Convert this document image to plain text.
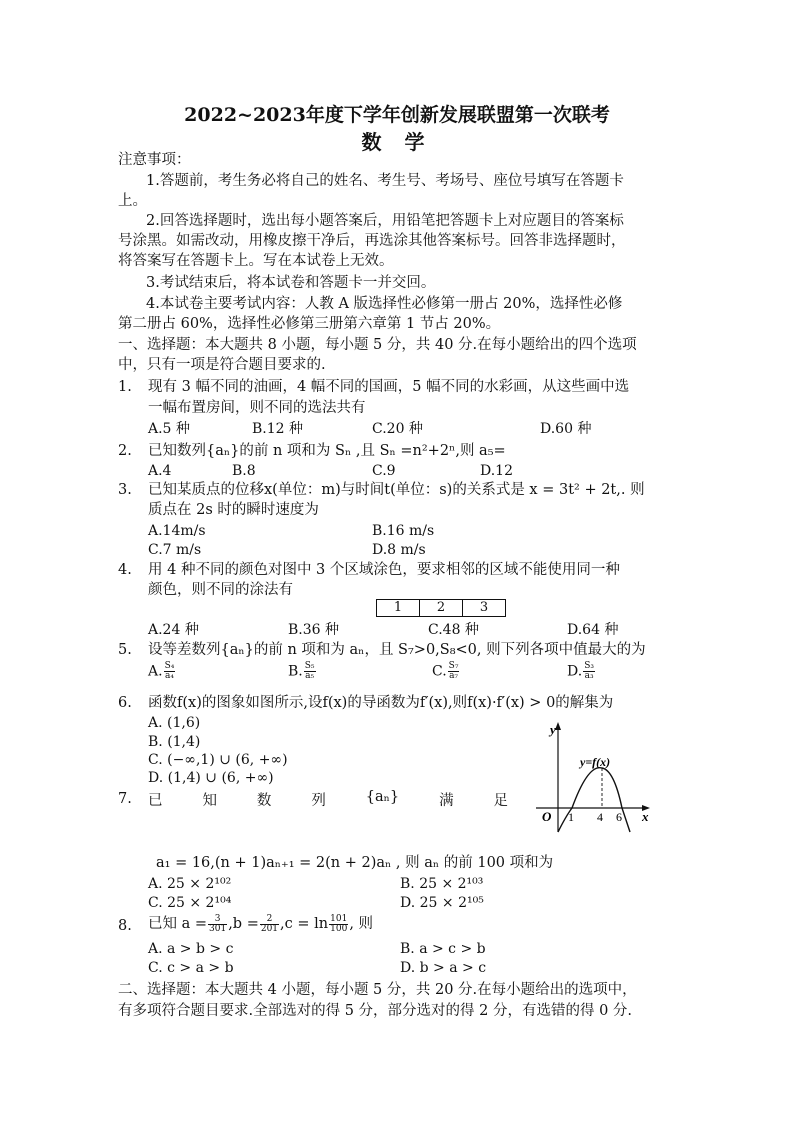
2022~2023年度下学年创新发展联盟第一次联考
数 学
注意事项：
1.答题前，考生务必将自己的姓名、考生号、考场号、座位号填写在答题卡
上。
2.回答选择题时，选出每小题答案后，用铅笔把答题卡上对应题目的答案标
号涂黑。如需改动，用橡皮擦干净后，再选涂其他答案标号。回答非选择题时，
将答案写在答题卡上。写在本试卷上无效。
3.考试结束后，将本试卷和答题卡一并交回。
4.本试卷主要考试内容：人教 A 版选择性必修第一册占 20%，选择性必修
第二册占 60%，选择性必修第三册第六章第 1 节占 20%。
一、选择题：本大题共 8 小题，每小题 5 分，共 40 分.在每小题给出的四个选项
中，只有一项是符合题目要求的.
1. 现有 3 幅不同的油画，4 幅不同的国画，5 幅不同的水彩画，从这些画中选
一幅布置房间，则不同的选法共有
A.5 种	B.12 种	C.20 种	D.60 种
2. 已知数列{aₙ}的前 n 项和为 Sₙ ,且 Sₙ =n²+2ⁿ,则 a₅=
A.4	B.8	C.9	D.12
3. 已知某质点的位移x(单位：m)与时间t(单位：s)的关系式是 x = 3t² + 2t,. 则
质点在 2s 时的瞬时速度为
A.14m/s	B.16 m/s
C.7 m/s	D.8 m/s
4. 用 4 种不同的颜色对图中 3 个区域涂色，要求相邻的区域不能使用同一种
颜色，则不同的涂法有
1	2	3
A.24 种	B.36 种	C.48 种	D.64 种
5. 设等差数列{aₙ}的前 n 项和为 aₙ，且 S₇>0,S₈<0, 则下列各项中值最大的为
A. $\frac{\text{S₄}}{\text{a₄}}$	B. $\frac{\text{S₅}}{\text{a₅}}$	C. $\frac{\text{S₇}}{\text{a₇}}$	D. $\frac{\text{S₃}}{\text{a₃}}$
6. 函数f(x)的图象如图所示,设f(x)的导函数为f′(x),则f(x)·f′(x) > 0的解集为
A. (1,6)
B. (1,4)
C. (−∞,1) ∪ (6, +∞)
D. (1,4) ∪ (6, +∞)
y
x
O 1 4 6
y=f(x)
7. 已	知	数	列	{aₙ}	满	足
a₁ = 16,(n + 1)aₙ₊₁ = 2(n + 2)aₙ , 则 aₙ 的前 100 项和为
A. 25 × 2¹⁰²	B. 25 × 2¹⁰³
C. 25 × 2¹⁰⁴	D. 25 × 2¹⁰⁵
8. 已知 $a = \frac{3}{301} ,b = \frac{2}{201} ,c = \ln \frac{101}{100}$ , 则
A. a > b > c	B. a > c > b
C. c > a > b	D. b > a > c
二、选择题：本大题共 4 小题，每小题 5 分，共 20 分.在每小题给出的选项中，
有多项符合题目要求.全部选对的得 5 分，部分选对的得 2 分，有选错的得 0 分.
